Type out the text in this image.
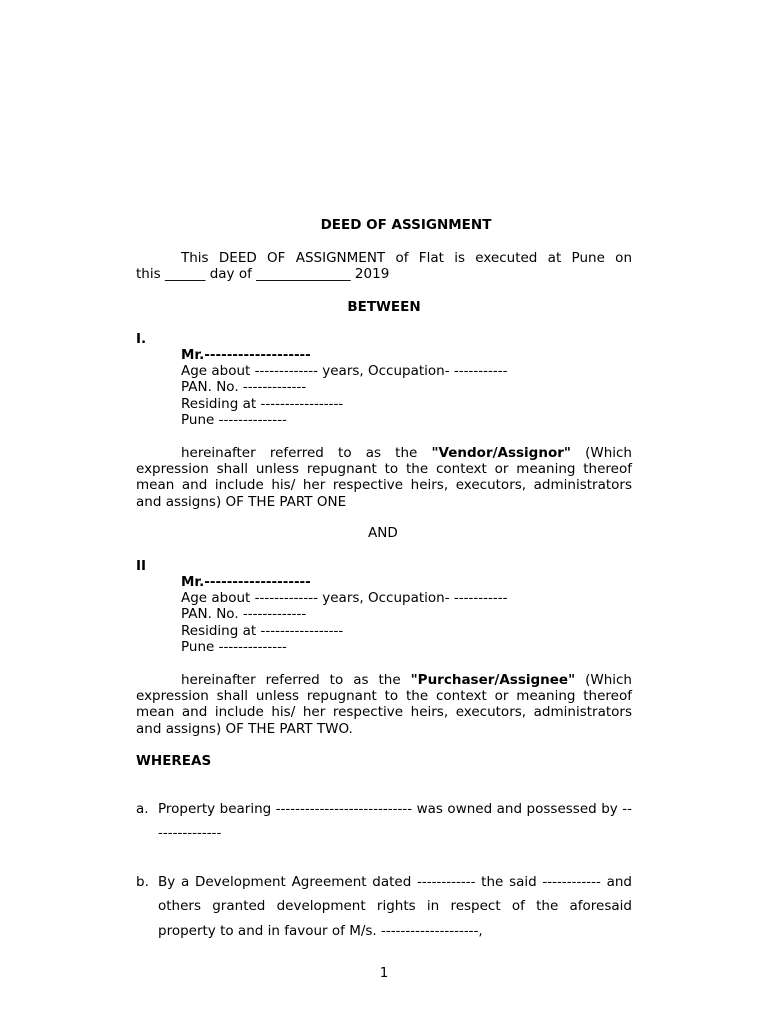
DEED OF ASSIGNMENT
This DEED OF ASSIGNMENT of Flat is executed at Pune on
this ______ day of ______________ 2019
BETWEEN
I.
Mr.-------------------
Age about ------------- years, Occupation- -----------
PAN. No. -------------
Residing at -----------------
Pune --------------
hereinafter referred to as the "Vendor/Assignor" (Which expression shall unless repugnant to the context or meaning thereof mean and include his/ her respective heirs, executors, administrators and assigns) OF THE PART ONE
AND
II
Mr.-------------------
Age about ------------- years, Occupation- -----------
PAN. No. -------------
Residing at -----------------
Pune --------------
hereinafter referred to as the "Purchaser/Assignee" (Which expression shall unless repugnant to the context or meaning thereof mean and include his/ her respective heirs, executors, administrators and assigns) OF THE PART TWO.
WHEREAS
a. Property bearing ---------------------------- was owned and possessed by ---------------
b. By a Development Agreement dated ------------ the said ------------ and others granted development rights in respect of the aforesaid property to and in favour of M/s. --------------------,
1
